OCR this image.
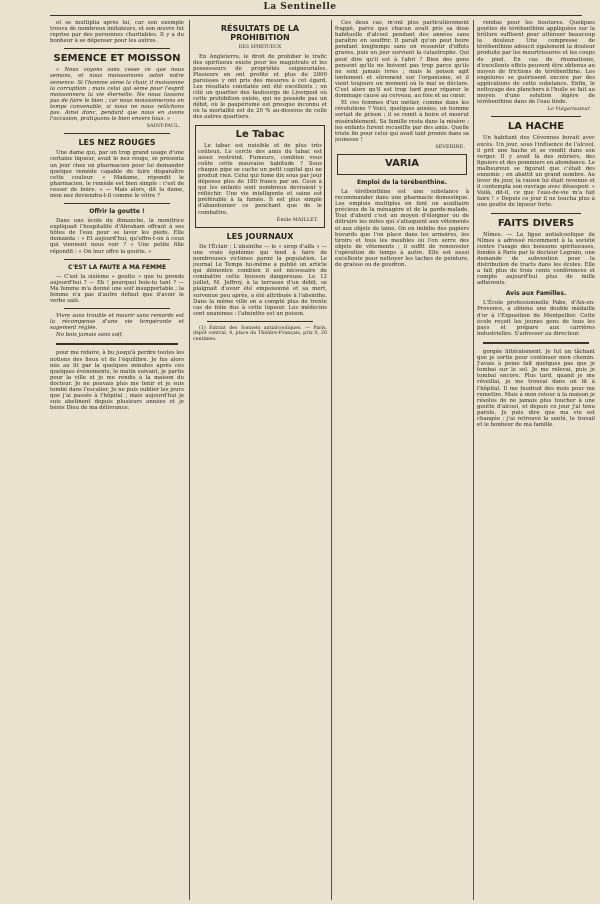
La Sentinelle

et se multiplia après lui, car son exemple trouva de nombreux imitateurs, et son œuvre fut reprise par des personnes charitables. Il y a du bonheur à se dépenser pour les autres.

SEMENCE ET MOISSON

« Nous voyons sans cesse ce que nous semons, et nous moissonnons selon notre semence. Si l'homme sème la chair, il moissonne la corruption ; mais celui qui sème pour l'esprit moissonnera la vie éternelle. Ne nous lassons pas de faire le bien ; car nous moissonnerons en temps convenable, si nous ne nous relâchons pas. Ainsi donc, pendant que nous en avons l'occasion, pratiquons le bien envers tous. »

SAINT-PAUL.
LES NEZ ROUGES

Une dame qui, par un trop grand usage d'une certaine liqueur, avait le nez rouge, se présenta un jour chez un pharmacien pour lui demander quelque remède capable de faire disparaître cette couleur. « Madame, répondit le pharmacien, le remède est bien simple : c'est de cesser de boire. » — Mais alors, dit la dame, mon nez deviendra-t-il comme le vôtre ?

Offrir la goutte !

Dans une école du dimanche, la monitrice expliquait l'hospitalité d'Abraham offrant à ses hôtes de l'eau pour se laver les pieds. Elle demanda : « Et aujourd'hui, qu'offre-t-on à ceux qui viennent nous voir ? » Une petite fille répondit : « On leur offre la goutte. »

C'EST LA FAUTE A MA FEMME

— C'est la sixième « goutte » que tu prends aujourd'hui ? — Eh ! pourquoi bois-tu tant ? — Ma femme m'a donné une soif insupportable ; la femme n'a pas d'autre défaut que d'avoir le verbe salé.

Vivre sans trouble et mourir sans remords est la récompense d'une vie tempérante et sagement réglée.

No bois jamais sans soif.

pour me refaire, à bu jusqu'à perdre toutes les notions des lieux et de l'équilibre. Je fus alors mis au lit par la quelques minutes après ces quelques événements, le matin suivant, je partis pour la ville et je me rendis à la maison du docteur. Je ne pouvais plus me tenir et je suis tombé dans l'escalier. Je ne puis oublier les jours que j'ai passés à l'hôpital ; mais aujourd'hui je suis abstinent depuis plusieurs années et je bénis Dieu de ma délivrance.

RÉSULTATS DE LA PROHIBITION
DES SPIRITUEUX

En Angleterre, le droit de prohiber le trafic des spiritueux existe pour les magistrats et les possesseurs de propriétés seigneuriales. Plusieurs en ont profité et plus de 2000 paroisses y ont pris des mesures à cet égard. Les résultats constatés ont été excellents ; en cité un quartier des faubourgs de Liverpool où cette prohibition existe, qui ne possède pas un débit, où le paupérisme est presque inconnu et où la mortalité est de 20 % au-dessous de celle des autres quartiers.

Le Tabac

Le tabac est nuisible et de plus très coûteux. Le cercle des amis du tabac est assez restreint. Fumeurs, combien vous coûte cette mauvaise habitude ? Sous chaque pipe se cache un petit capital qui ne produit rien. Celui qui fume dix sous par jour dépense plus de 180 francs par an. Ceux à qui les enfants sont nombreux devraient y réfléchir. Une vie intelligente et saine est préférable à la fumée. Il est plus simple d'abandonner ce penchant que de le combattre.

Émile MAILLET.
LES JOURNAUX

De l'Éclair : L'absinthe — le « sirop d'alfa » — une vraie épidémie qui tend à faire de nombreuses victimes parmi la population. Le journal Le Temps lui-même a publié un article qui démontre combien il est nécessaire de combattre cette boisson dangereuse. Le 12 juillet, M. Jeffroy, à la terrasse d'un débit, se plaignait d'avoir été empoisonné et sa mort, survenue peu après, a été attribuée à l'absinthe. Dans la même ville on a compté plus de trente cas de folie dus à cette liqueur. Les médecins sont unanimes : l'absinthe est un poison.

(1) Extrait des Sonnets antialcooliques. — Paris, dépôt central, 4, place du Théâtre-Français, prix 0, 20 centimes.

Ces deux cas, m'ont plus particulièrement frappé, parce que chacun avait pris sa dose habituelle d'alcool pendant des années sans paraître en souffrir. Il paraît qu'on peut boire pendant longtemps sans en ressentir d'effets graves, puis un jour survient la catastrophe. Qui peut dire qu'il est à l'abri ? Bien des gens pensent qu'ils ne boivent pas trop parce qu'ils ne sont jamais ivres ; mais le poison agit lentement et sûrement sur l'organisme, et il vient toujours un moment où le mal se déclare. C'est alors qu'il est trop tard pour réparer le dommage causé au cerveau, au foie et au cœur.

Et ces femmes d'un métier, comme dans les révolutions ? Voici, quelques années, un homme sortait de prison ; il se remit à boire et mourut misérablement. Sa famille resta dans la misère ; les enfants furent recueillis par des amis. Quelle triste fin pour celui qui avait tant promis dans sa jeunesse !

SÉVERINE.
VARIA
Emploi de la térébenthine.

La térébenthine est une substance à recommander dans une pharmacie domestique. Les emplois multiples en font un auxiliaire précieux de la ménagère et de la garde-malade. Tout d'abord c'est un moyen d'éloigner ou de détruire les mites qui s'attaquent aux vêtements et aux objets de laine. On en imbibe des papiers buvards que l'on place dans les armoires, les tiroirs et tous les meubles où l'on serre des objets de vêtements ; il suffit de renouveler l'opération de temps à autre. Elle est aussi excellente pour nettoyer les taches de peinture, de graisse ou de goudron.

rendus pour les boutures. Quelques gouttes de térébenthine appliquées sur la brûlure suffisent pour atténuer beaucoup la douleur. Une compresse de térébenthine adoucit également la douleur produite par les meurtrissures et les coups de pied. En cas de rhumatisme, d'excellents effets peuvent être obtenus au moyen de frictions de térébenthine. Les engelures se guérissent encore par des applications de cette substance. Enfin, le nettoyage des planchers à l'huile se fait au moyen d'une solution légère de térébenthine dans de l'eau tiède.

Le Vulgarisateur.
LA HACHE

Un habitant des Cévennes buvait avec excès. Un jour, sous l'influence de l'alcool, il prit une hache et se rendit dans son verger. Il y avait là des mûriers, des figuiers et des pommiers en abondance. Le malheureux se figurait que c'était des ennemis ; en abattit un grand nombre. Au lever du jour, la raison lui était revenue et il contempla son ouvrage avec désespoir. « Voilà, dit-il, ce que l'eau-de-vie m'a fait faire ! » Depuis ce jour il ne toucha plus à une goutte de liqueur forte.

FAITS DIVERS

Nîmes. — La ligue antialcoolique de Nîmes a adressé récemment à la société contre l'usage des boissons spiritueuses, fondée à Paris par le docteur Legrain, une demande de subvention pour la distribution de tracts dans les écoles. Elle a fait plus de trois cents conférences et compte aujourd'hui plus de mille adhérents.

Avis aux Familles.

L'École professionnelle Pabe, d'Aix-en-Provence, a obtenu une double médaille d'or à l'Exposition de Montpellier. Cette école reçoit les jeunes gens de tous les pays et prépare aux carrières industrielles. S'adresser au directeur.

gorgée littéralement. Je fut un tâchant que je sortie pour continuer mon chemin. J'avais à peine fait quelques pas que je tombai sur le sol. Je me relevai, puis je tombai encore. Plus tard, quand je me réveillai, je me trouvai dans un lit à l'hôpital. Il me faudrait des mois pour me remettre. Mais à mon retour à la maison je résolus de ne jamais plus toucher à une goutte d'alcool, et depuis ce jour j'ai tenu parole. Je puis dire que ma vie est changée ; j'ai retrouvé la santé, le travail et le bonheur de ma famille.
